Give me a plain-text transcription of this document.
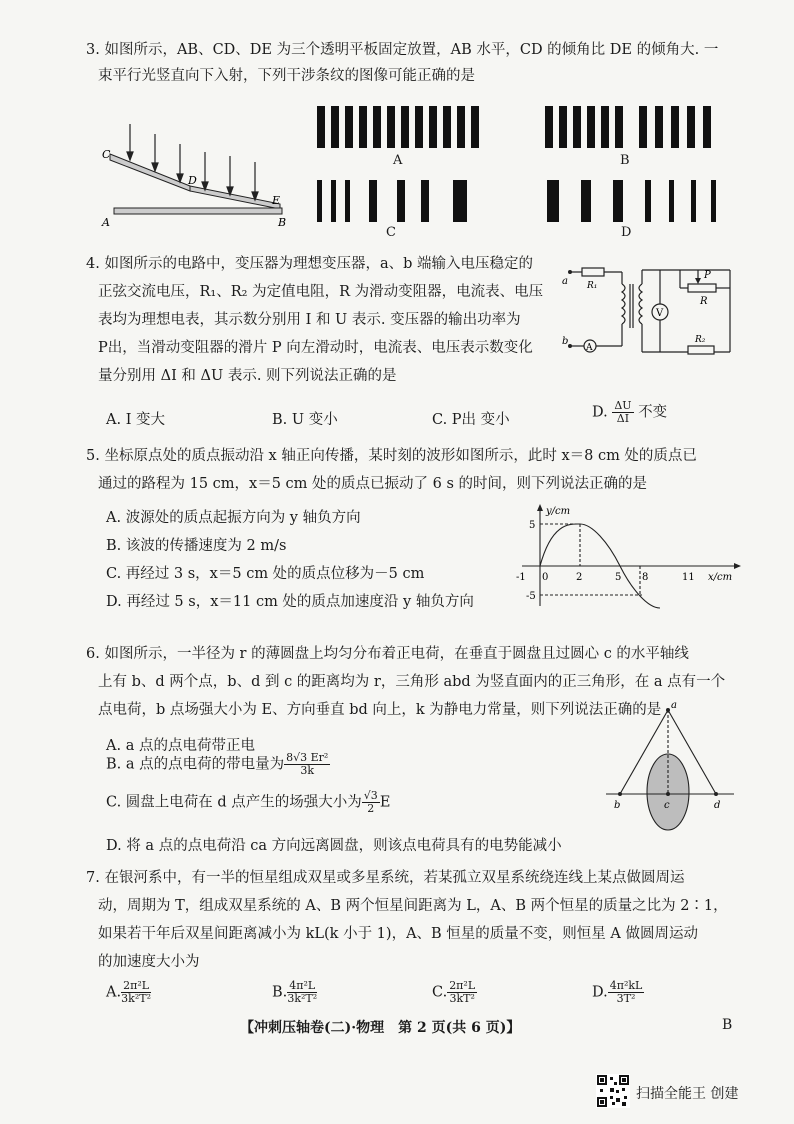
3. 如图所示，AB、CD、DE 为三个透明平板固定放置，AB 水平，CD 的倾角比 DE 的倾角大. 一
束平行光竖直向下入射，下列干涉条纹的图像可能正确的是
C
D
E
A	B
A	B
C	D
4. 如图所示的电路中，变压器为理想变压器，a、b 端输入电压稳定的
正弦交流电压，R₁、R₂ 为定值电阻，R 为滑动变阻器，电流表、电压
表均为理想电表，其示数分别用 I 和 U 表示. 变压器的输出功率为
P出，当滑动变阻器的滑片 P 向左滑动时，电流表、电压表示数变化
量分别用 ΔI 和 ΔU 表示. 则下列说法正确的是
a
b
R₁
P
R
V
R₂
A
A. I 变大	B. U 变小	C. P出 变小	D. $\frac{\Delta U}{\Delta I}$ 不变
5. 坐标原点处的质点振动沿 x 轴正向传播，某时刻的波形如图所示，此时 x＝8 cm 处的质点已
通过的路程为 15 cm，x＝5 cm 处的质点已振动了 6 s 的时间，则下列说法正确的是
A. 波源处的质点起振方向为 y 轴负方向
B. 该波的传播速度为 2 m/s
C. 再经过 3 s，x＝5 cm 处的质点位移为－5 cm
D. 再经过 5 s，x＝11 cm 处的质点加速度沿 y 轴负方向
y/cm
x/cm
5
-5
-1 0	2	5 8	11
6. 如图所示，一半径为 r 的薄圆盘上均匀分布着正电荷，在垂直于圆盘且过圆心 c 的水平轴线
上有 b、d 两个点，b、d 到 c 的距离均为 r，三角形 abd 为竖直面内的正三角形，在 a 点有一个
点电荷，b 点场强大小为 E、方向垂直 bd 向上，k 为静电力常量，则下列说法正确的是
A. a 点的点电荷带正电
B. a 点的点电荷的带电量为 $\frac{\text{8√3 Er²}}{3k}$
C. 圆盘上电荷在 d 点产生的场强大小为 $\frac{√3}{2}$ E
D. 将 a 点的点电荷沿 ca 方向远离圆盘，则该点电荷具有的电势能减小
a
b	c	d
7. 在银河系中，有一半的恒星组成双星或多星系统，若某孤立双星系统绕连线上某点做圆周运
动，周期为 T，组成双星系统的 A、B 两个恒星间距离为 L，A、B 两个恒星的质量之比为 2∶1，
如果若干年后双星间距离减小为 kL(k 小于 1)，A、B 恒星的质量不变，则恒星 A 做圆周运动
的加速度大小为
A. $\frac{\text{2π²L}}{\text{3k²T²}}$	B. $\frac{\text{4π²L}}{\text{3k²T²}}$	C. $\frac{\text{2π²L}}{\text{3kT²}}$	D. $\frac{\text{4π²kL}}{\text{3T²}}$
【冲刺压轴卷(二)·物理　第 2 页(共 6 页)】	B
扫描全能王 创建
